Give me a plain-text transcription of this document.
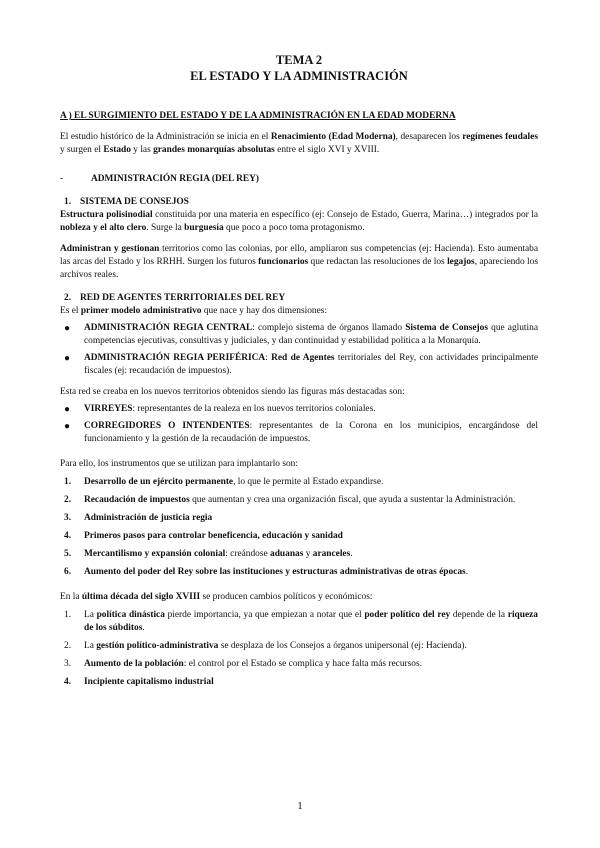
TEMA 2
EL ESTADO Y LA ADMINISTRACIÓN
A ) EL SURGIMIENTO DEL ESTADO Y DE LA ADMINISTRACIÓN EN LA EDAD MODERNA

El estudio histórico de la Administración se inicia en el Renacimiento (Edad Moderna), desaparecen los regímenes feudales y surgen el Estado y las grandes monarquías absolutas entre el siglo XVI y XVIII.

-	ADMINISTRACIÓN REGIA (DEL REY)
1. SISTEMA DE CONSEJOS

Estructura polisinodial constituida por una materia en específico (ej: Consejo de Estado, Guerra, Marina…) integrados por la nobleza y el alto clero. Surge la burguesía que poco a poco toma protagonismo.

Administran y gestionan territorios como las colonias, por ello, ampliaron sus competencias (ej: Hacienda). Esto aumentaba las arcas del Estado y los RRHH. Surgen los futuros funcionarios que redactan las resoluciones de los legajos, apareciendo los archivos reales.

2. RED DE AGENTES TERRITORIALES DEL REY

Es el primer modelo administrativo que nace y hay dos dimensiones:

● ADMINISTRACIÓN REGIA CENTRAL: complejo sistema de órganos llamado Sistema de Consejos que aglutina competencias ejecutivas, consultivas y judiciales, y dan continuidad y estabilidad política a la Monarquía.
● ADMINISTRACIÓN REGIA PERIFÉRICA: Red de Agentes territoriales del Rey, con actividades principalmente fiscales (ej: recaudación de impuestos).

Esta red se creaba en los nuevos territorios obtenidos siendo las figuras más destacadas son:

● VIRREYES: representantes de la realeza en los nuevos territorios coloniales.
● CORREGIDORES O INTENDENTES: representantes de la Corona en los municipios, encargándose del funcionamiento y la gestión de la recaudación de impuestos.

Para ello, los instrumentos que se utilizan para implantarlo son:

1. Desarrollo de un ejército permanente, lo que le permite al Estado expandirse.
2. Recaudación de impuestos que aumentan y crea una organización fiscal, que ayuda a sustentar la Administración.
3. Administración de justicia regia
4. Primeros pasos para controlar beneficencia, educación y sanidad
5. Mercantilismo y expansión colonial: creándose aduanas y aranceles.
6. Aumento del poder del Rey sobre las instituciones y estructuras administrativas de otras épocas.

En la última década del siglo XVIII se producen cambios políticos y económicos:

1. La política dinástica pierde importancia, ya que empiezan a notar que el poder político del rey depende de la riqueza de los súbditos.
2. La gestión político-administrativa se desplaza de los Consejos a órganos unipersonal (ej: Hacienda).
3. Aumento de la población: el control por el Estado se complica y hace falta más recursos.
4. Incipiente capitalismo industrial
1
